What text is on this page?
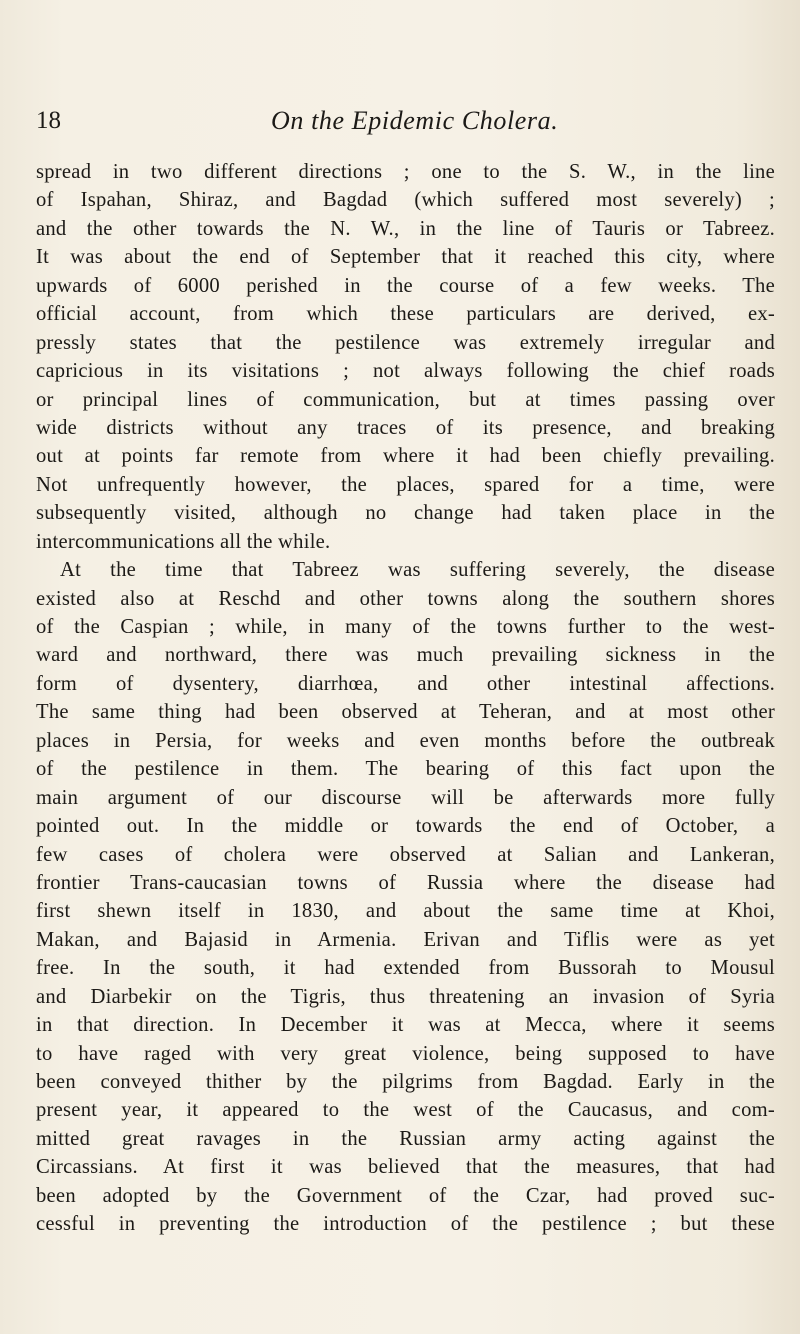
18	On the Epidemic Cholera.
spread in two different directions ; one to the S. W., in the line
of Ispahan, Shiraz, and Bagdad (which suffered most severely) ;
and the other towards the N. W., in the line of Tauris or Tabreez.
It was about the end of September that it reached this city, where
upwards of 6000 perished in the course of a few weeks. The
official account, from which these particulars are derived, ex-
pressly states that the pestilence was extremely irregular and
capricious in its visitations ; not always following the chief roads
or principal lines of communication, but at times passing over
wide districts without any traces of its presence, and breaking
out at points far remote from where it had been chiefly prevailing.
Not unfrequently however, the places, spared for a time, were
subsequently visited, although no change had taken place in the
intercommunications all the while.
At the time that Tabreez was suffering severely, the disease
existed also at Reschd and other towns along the southern shores
of the Caspian ; while, in many of the towns further to the west-
ward and northward, there was much prevailing sickness in the
form of dysentery, diarrhœa, and other intestinal affections.
The same thing had been observed at Teheran, and at most other
places in Persia, for weeks and even months before the outbreak
of the pestilence in them. The bearing of this fact upon the
main argument of our discourse will be afterwards more fully
pointed out. In the middle or towards the end of October, a
few cases of cholera were observed at Salian and Lankeran,
frontier Trans-caucasian towns of Russia where the disease had
first shewn itself in 1830, and about the same time at Khoi,
Makan, and Bajasid in Armenia. Erivan and Tiflis were as yet
free. In the south, it had extended from Bussorah to Mousul
and Diarbekir on the Tigris, thus threatening an invasion of Syria
in that direction. In December it was at Mecca, where it seems
to have raged with very great violence, being supposed to have
been conveyed thither by the pilgrims from Bagdad. Early in the
present year, it appeared to the west of the Caucasus, and com-
mitted great ravages in the Russian army acting against the
Circassians. At first it was believed that the measures, that had
been adopted by the Government of the Czar, had proved suc-
cessful in preventing the introduction of the pestilence ; but these
